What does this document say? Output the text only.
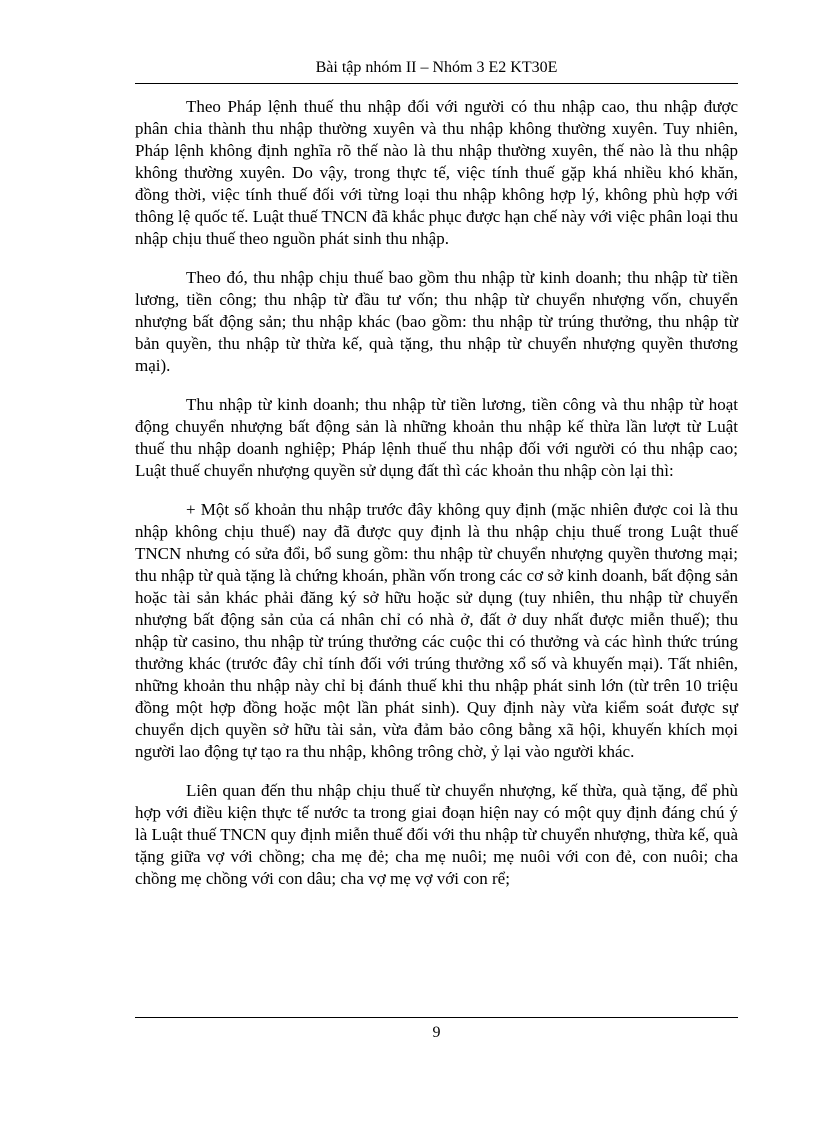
Bài tập nhóm II – Nhóm 3 E2 KT30E

Theo Pháp lệnh thuế thu nhập đối với người có thu nhập cao, thu nhập được phân chia thành thu nhập thường xuyên và thu nhập không thường xuyên. Tuy nhiên, Pháp lệnh không định nghĩa rõ thế nào là thu nhập thường xuyên, thế nào là thu nhập không thường xuyên. Do vậy, trong thực tế, việc tính thuế gặp khá nhiều khó khăn, đồng thời, việc tính thuế đối với từng loại thu nhập không hợp lý, không phù hợp với thông lệ quốc tế. Luật thuế TNCN đã khắc phục được hạn chế này với việc phân loại thu nhập chịu thuế theo nguồn phát sinh thu nhập.

Theo đó, thu nhập chịu thuế bao gồm thu nhập từ kinh doanh; thu nhập từ tiền lương, tiền công; thu nhập từ đầu tư vốn; thu nhập từ chuyển nhượng vốn, chuyển nhượng bất động sản; thu nhập khác (bao gồm: thu nhập từ trúng thưởng, thu nhập từ bản quyền, thu nhập từ thừa kế, quà tặng, thu nhập từ chuyển nhượng quyền thương mại).

Thu nhập từ kinh doanh; thu nhập từ tiền lương, tiền công và thu nhập từ hoạt động chuyển nhượng bất động sản là những khoản thu nhập kế thừa lần lượt từ Luật thuế thu nhập doanh nghiệp; Pháp lệnh thuế thu nhập đối với người có thu nhập cao; Luật thuế chuyển nhượng quyền sử dụng đất thì các khoản thu nhập còn lại thì:

+ Một số khoản thu nhập trước đây không quy định (mặc nhiên được coi là thu nhập không chịu thuế) nay đã được quy định là thu nhập chịu thuế trong Luật thuế TNCN nhưng có sửa đổi, bổ sung gồm: thu nhập từ chuyển nhượng quyền thương mại; thu nhập từ quà tặng là chứng khoán, phần vốn trong các cơ sở kinh doanh, bất động sản hoặc tài sản khác phải đăng ký sở hữu hoặc sử dụng (tuy nhiên, thu nhập từ chuyển nhượng bất động sản của cá nhân chỉ có nhà ở, đất ở duy nhất được miễn thuế); thu nhập từ casino, thu nhập từ trúng thưởng các cuộc thi có thưởng và các hình thức trúng thưởng khác (trước đây chỉ tính đối với trúng thưởng xổ số và khuyến mại). Tất nhiên, những khoản thu nhập này chỉ bị đánh thuế khi thu nhập phát sinh lớn (từ trên 10 triệu đồng một hợp đồng hoặc một lần phát sinh). Quy định này vừa kiểm soát được sự chuyển dịch quyền sở hữu tài sản, vừa đảm bảo công bằng xã hội, khuyến khích mọi người lao động tự tạo ra thu nhập, không trông chờ, ỷ lại vào người khác.

Liên quan đến thu nhập chịu thuế từ chuyển nhượng, kế thừa, quà tặng, để phù hợp với điều kiện thực tế nước ta trong giai đoạn hiện nay có một quy định đáng chú ý là Luật thuế TNCN quy định miễn thuế đối với thu nhập từ chuyển nhượng, thừa kế, quà tặng giữa vợ với chồng; cha mẹ đẻ; cha mẹ nuôi; mẹ nuôi với con đẻ, con nuôi; cha chồng mẹ chồng với con dâu; cha vợ mẹ vợ với con rể;

9
